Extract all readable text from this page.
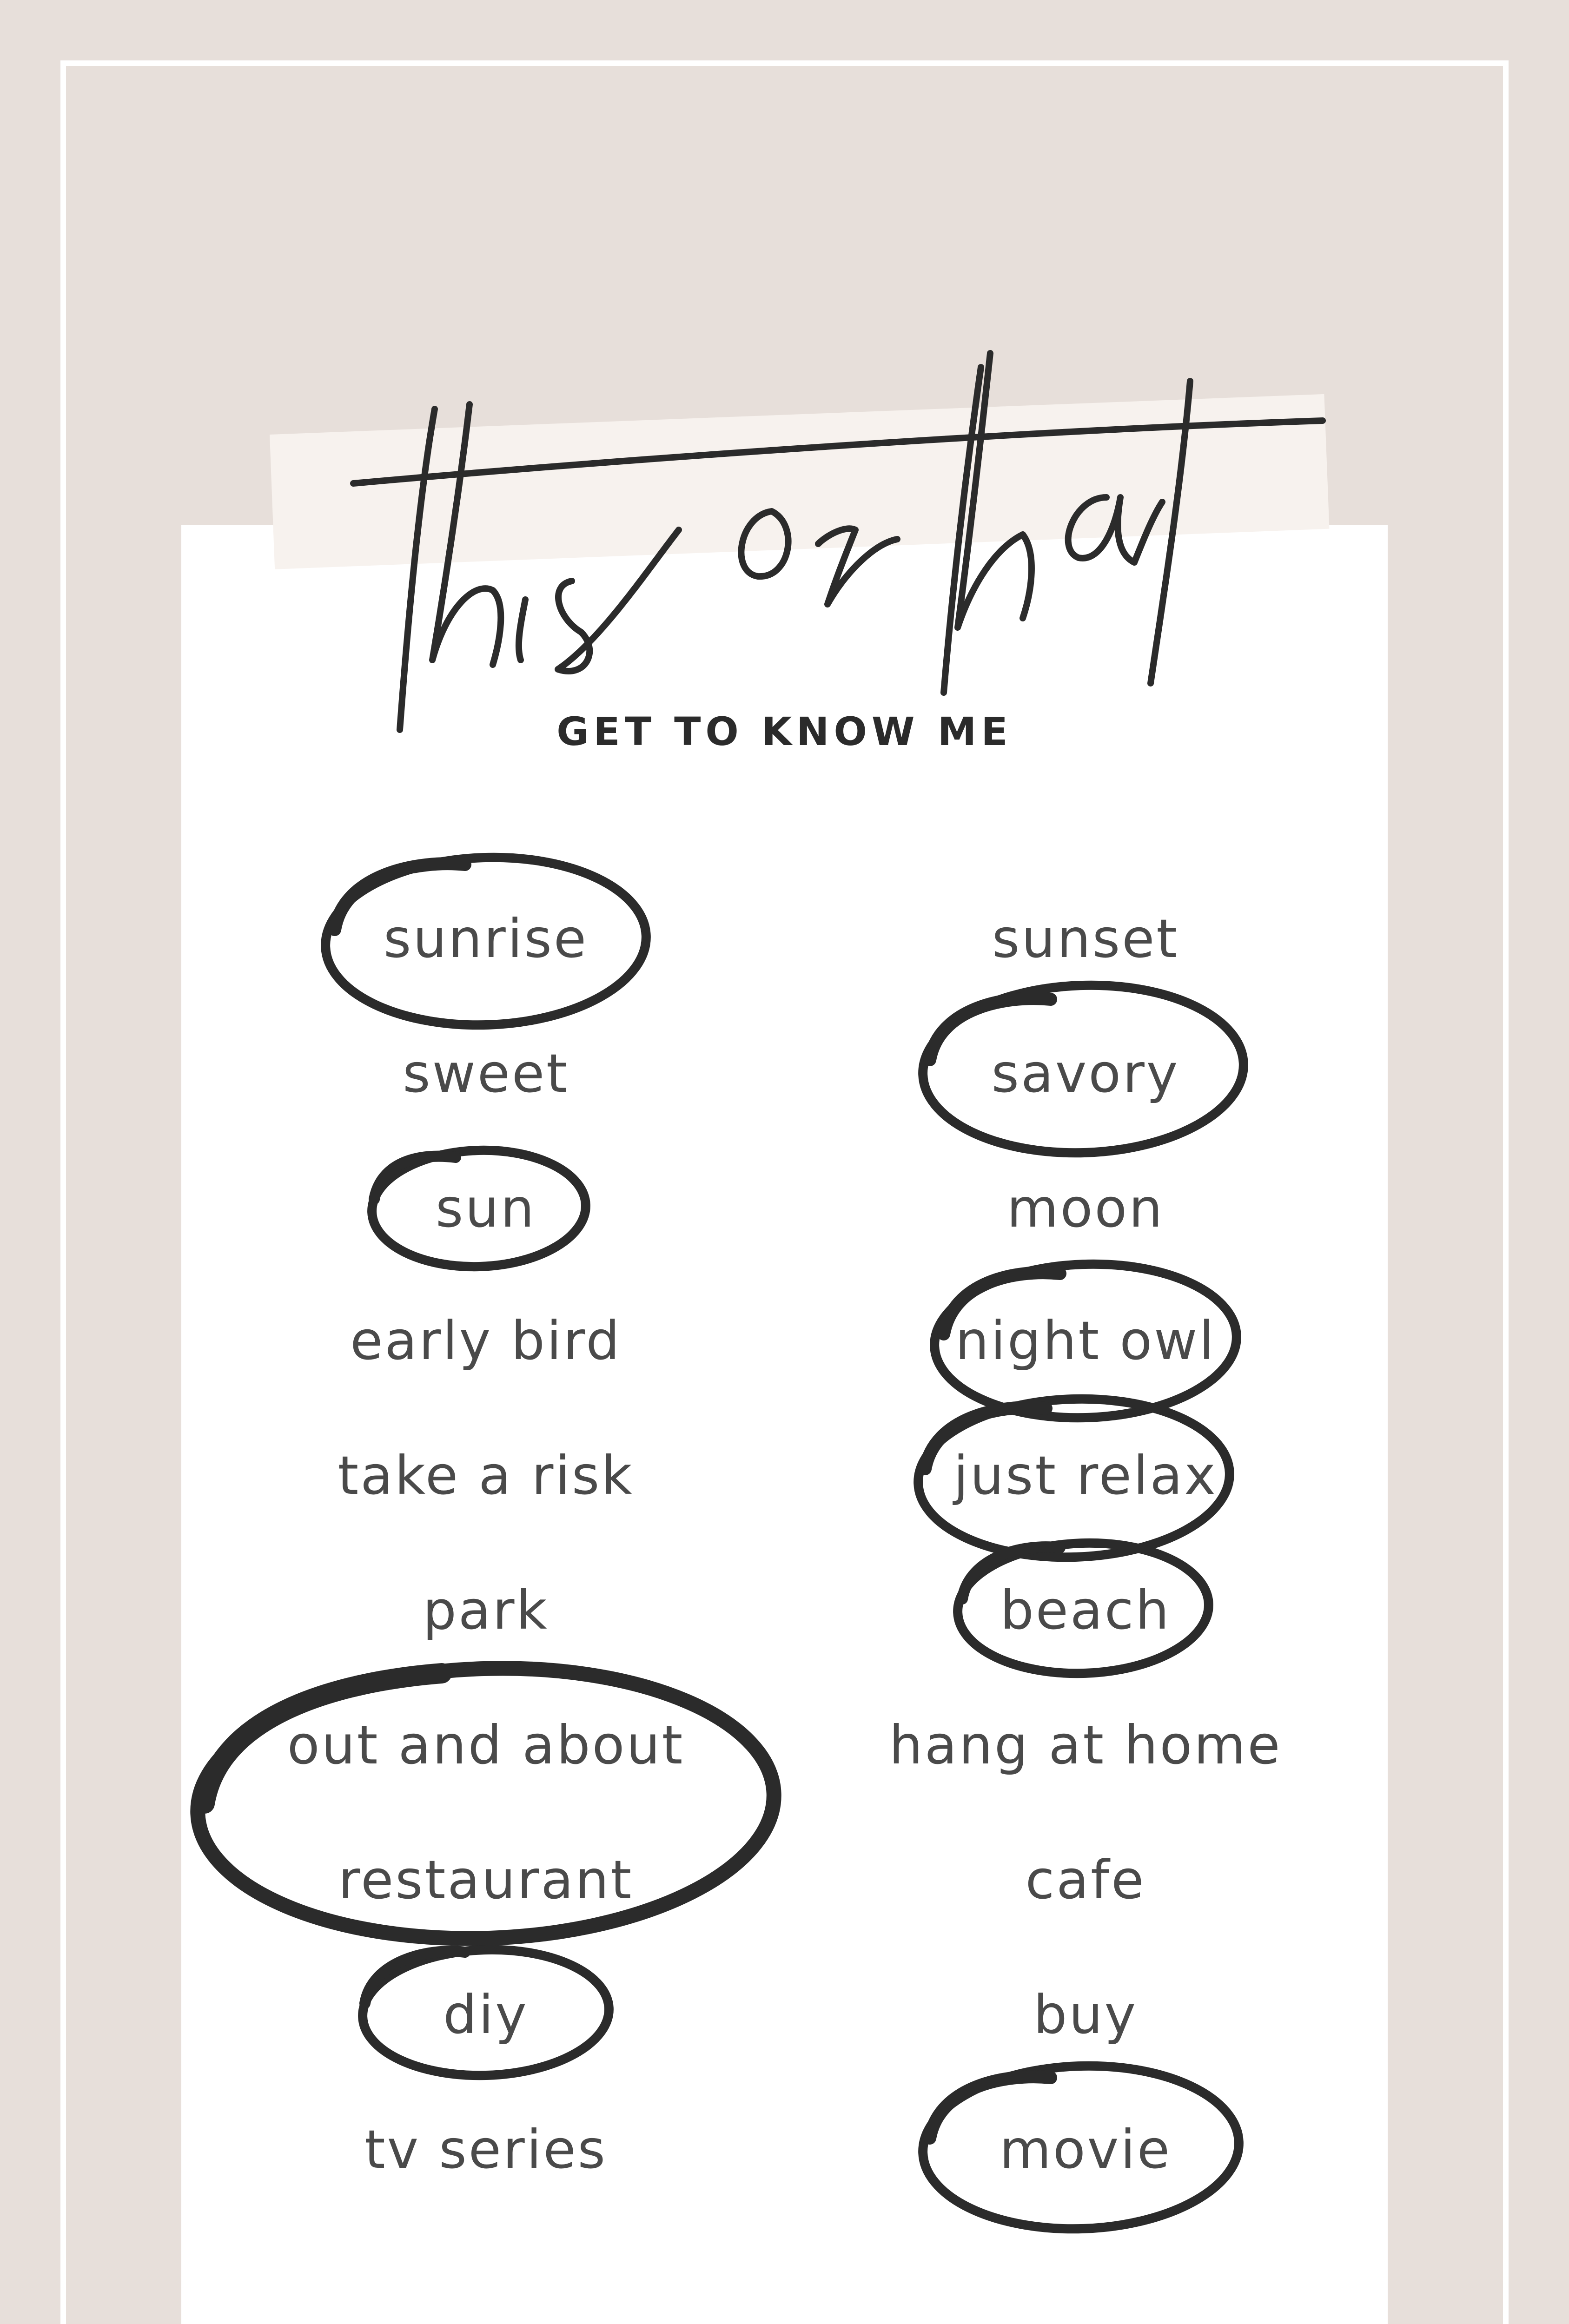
GET TO KNOW ME
sunrise
sweet
sun
early bird
take a risk
park
out and about
restaurant
diy
tv series
sunset
savory
moon
night owl
just relax
beach
hang at home
cafe
buy
movie
